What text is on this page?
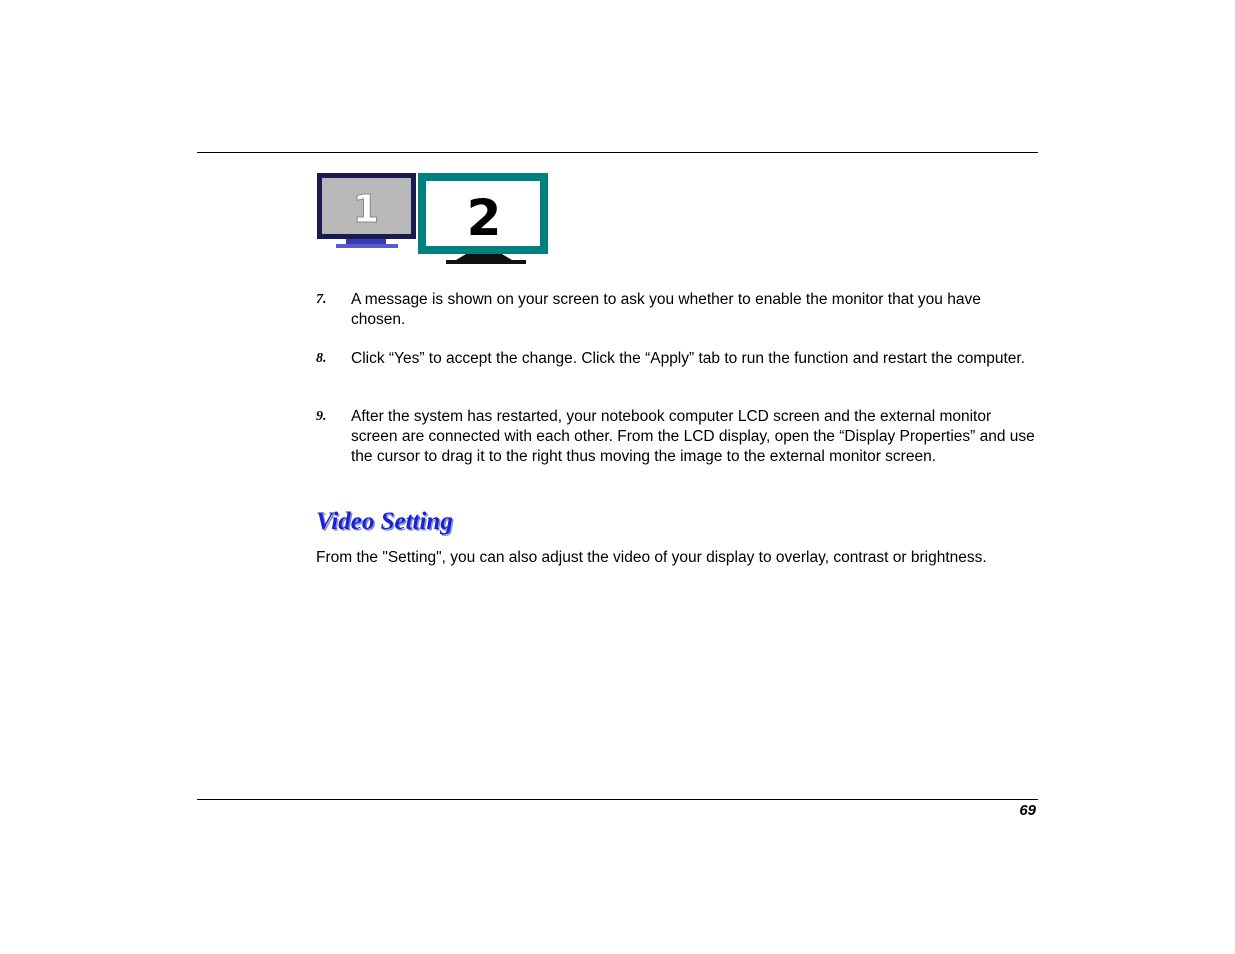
1 2
7. A message is shown on your screen to ask you whether to enable the monitor that you have chosen.
8. Click “Yes” to accept the change. Click the “Apply” tab to run the function and restart the computer.
9. After the system has restarted, your notebook computer LCD screen and the external monitor screen are connected with each other. From the LCD display, open the “Display Properties” and use the cursor to drag it to the right thus moving the image to the external monitor screen.
Video Setting

From the "Setting", you can also adjust the video of your display to overlay, contrast or brightness.

69
